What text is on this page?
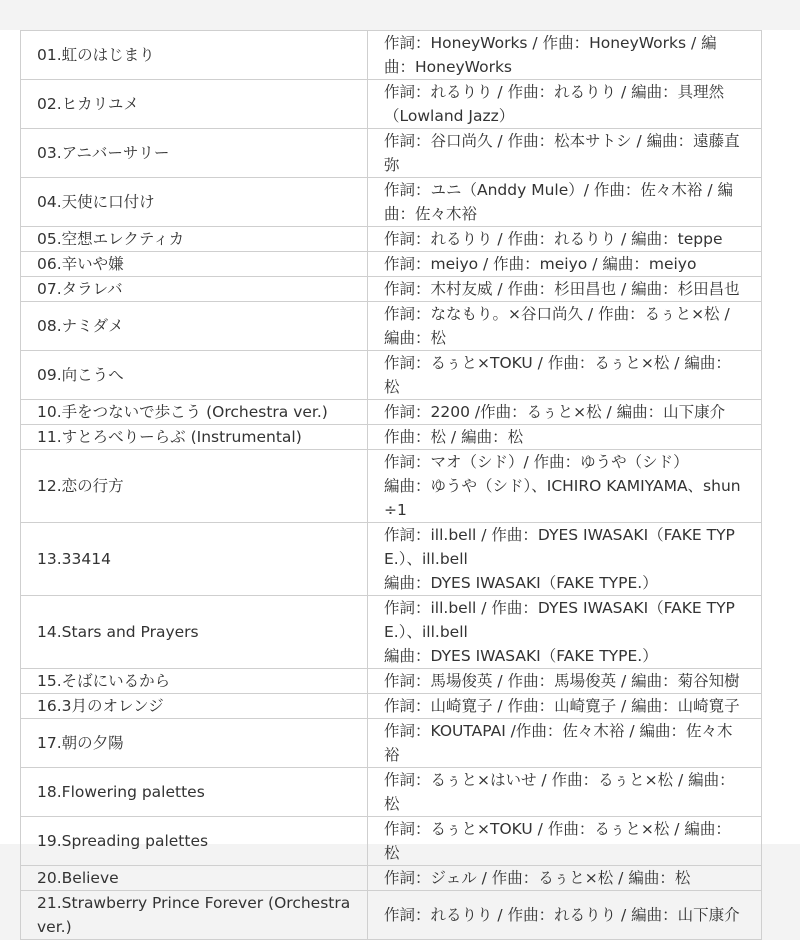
01.虹のはじまり	作詞：HoneyWorks / 作曲：HoneyWorks / 編曲：HoneyWorks

02.ヒカリユメ	作詞：れるりり / 作曲：れるりり / 編曲：具理然（Lowland Jazz）

03.アニバーサリー	作詞：谷口尚久 / 作曲：松本サトシ / 編曲：遠藤直弥

04.天使に口付け	作詞：ユニ（Anddy Mule）/ 作曲：佐々木裕 / 編曲：佐々木裕

05.空想エレクティカ	作詞：れるりり / 作曲：れるりり / 編曲：teppe

06.辛いや嫌	作詞：meiyo / 作曲：meiyo / 編曲：meiyo

07.タラレバ	作詞：木村友威 / 作曲：杉田昌也 / 編曲：杉田昌也

08.ナミダメ	作詞：ななもり。×谷口尚久 / 作曲：るぅと×松 / 編曲：松

09.向こうへ	作詞：るぅと×TOKU / 作曲：るぅと×松 / 編曲：松

10.手をつないで歩こう (Orchestra ver.)	作詞：2200 /作曲：るぅと×松 / 編曲：山下康介

11.すとろべりーらぶ (Instrumental)	作曲：松 / 編曲：松

12.恋の行方	作詞：マオ（シド）/ 作曲：ゆうや（シド）
編曲：ゆうや（シド）、ICHIRO KAMIYAMA、shun÷1

13.33414	作詞：ill.bell / 作曲：DYES IWASAKI（FAKE TYPE.）、ill.bell
編曲：DYES IWASAKI（FAKE TYPE.）

14.Stars and Prayers	作詞：ill.bell / 作曲：DYES IWASAKI（FAKE TYPE.）、ill.bell
編曲：DYES IWASAKI（FAKE TYPE.）

15.そばにいるから	作詞：馬場俊英 / 作曲：馬場俊英 / 編曲：菊谷知樹

16.3月のオレンジ	作詞：山崎寛子 / 作曲：山崎寛子 / 編曲：山崎寛子

17.朝の夕陽	作詞：KOUTAPAI /作曲：佐々木裕 / 編曲：佐々木裕

18.Flowering palettes	作詞：るぅと×はいせ / 作曲：るぅと×松 / 編曲：松

19.Spreading palettes	作詞：るぅと×TOKU / 作曲：るぅと×松 / 編曲：松

20.Believe	作詞：ジェル / 作曲：るぅと×松 / 編曲：松

21.Strawberry Prince Forever (Orchestra ver.)	作詞：れるりり / 作曲：れるりり / 編曲：山下康介
